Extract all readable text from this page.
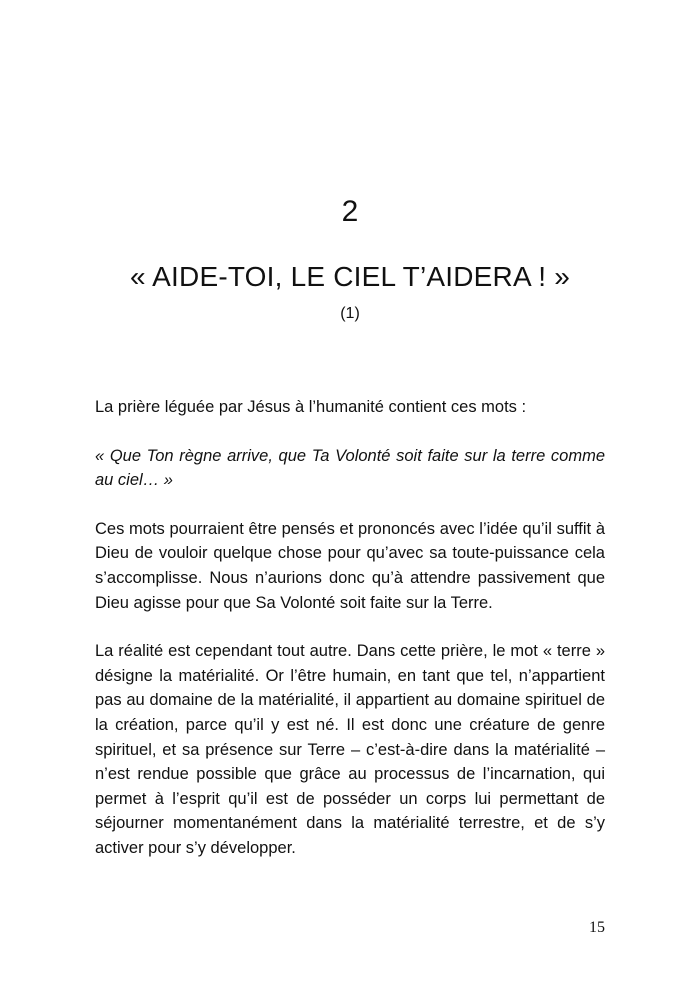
2
« AIDE-TOI, LE CIEL T’AIDERA ! »
(1)

La prière léguée par Jésus à l’humanité contient ces mots :

« Que Ton règne arrive, que Ta Volonté soit faite sur la terre comme au ciel… »

Ces mots pourraient être pensés et prononcés avec l’idée qu’il suffit à Dieu de vouloir quelque chose pour qu’avec sa toute-puissance cela s’accomplisse. Nous n’aurions donc qu’à attendre passivement que Dieu agisse pour que Sa Volonté soit faite sur la Terre.

La réalité est cependant tout autre. Dans cette prière, le mot « terre » désigne la matérialité. Or l’être humain, en tant que tel, n’appartient pas au domaine de la matérialité, il appartient au domaine spirituel de la création, parce qu’il y est né. Il est donc une créature de genre spirituel, et sa présence sur Terre – c’est-à-dire dans la matérialité – n’est rendue possible que grâce au processus de l’incarnation, qui permet à l’esprit qu’il est de posséder un corps lui permettant de séjourner momentanément dans la matérialité terrestre, et de s’y activer pour s’y développer.

15
